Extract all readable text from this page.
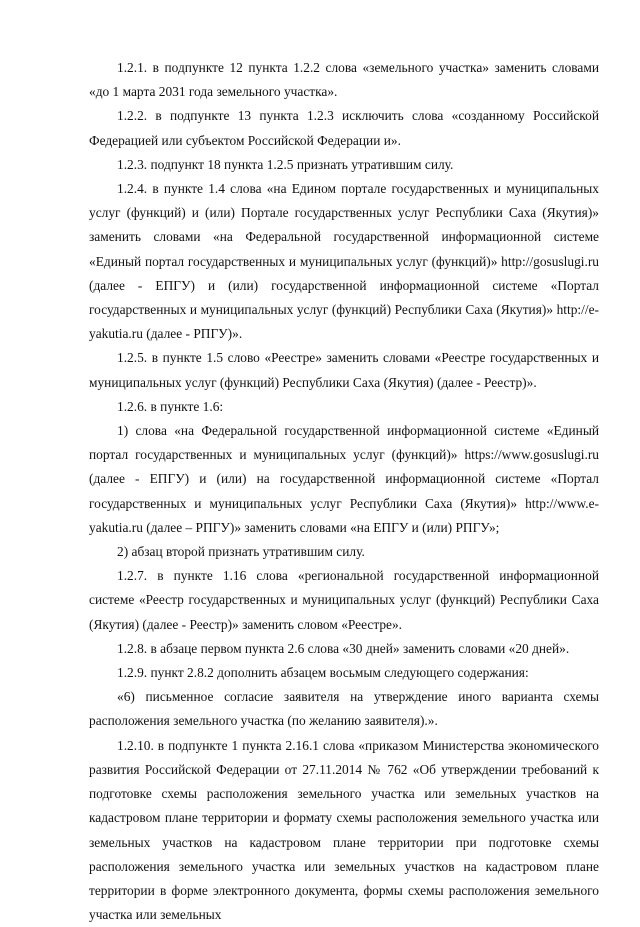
1.2.1. в подпункте 12 пункта 1.2.2 слова «земельного участка» заменить словами «до 1 марта 2031 года земельного участка».

1.2.2. в подпункте 13 пункта 1.2.3 исключить слова «созданному Российской Федерацией или субъектом Российской Федерации и».

1.2.3. подпункт 18 пункта 1.2.5 признать утратившим силу.

1.2.4. в пункте 1.4 слова «на Едином портале государственных и муниципальных услуг (функций) и (или) Портале государственных услуг Республики Саха (Якутия)» заменить словами «на Федеральной государственной информационной системе «Единый портал государственных и муниципальных услуг (функций)» http://gosuslugi.ru (далее - ЕПГУ) и (или) государственной информационной системе «Портал государственных и муниципальных услуг (функций) Республики Саха (Якутия)» http://e-yakutia.ru (далее - РПГУ)».

1.2.5. в пункте 1.5 слово «Реестре» заменить словами «Реестре государственных и муниципальных услуг (функций) Республики Саха (Якутия) (далее - Реестр)».

1.2.6. в пункте 1.6:

1) слова «на Федеральной государственной информационной системе «Единый портал государственных и муниципальных услуг (функций)» https://www.gosuslugi.ru (далее - ЕПГУ) и (или) на государственной информационной системе «Портал государственных и муниципальных услуг Республики Саха (Якутия)» http://www.e-yakutia.ru (далее – РПГУ)» заменить словами «на ЕПГУ и (или) РПГУ»;

2) абзац второй признать утратившим силу.

1.2.7. в пункте 1.16 слова «региональной государственной информационной системе «Реестр государственных и муниципальных услуг (функций) Республики Саха (Якутия) (далее - Реестр)» заменить словом «Реестре».

1.2.8. в абзаце первом пункта 2.6 слова «30 дней» заменить словами «20 дней».

1.2.9. пункт 2.8.2 дополнить абзацем восьмым следующего содержания:

«6) письменное согласие заявителя на утверждение иного варианта схемы расположения земельного участка (по желанию заявителя).».

1.2.10. в подпункте 1 пункта 2.16.1 слова «приказом Министерства экономического развития Российской Федерации от 27.11.2014 № 762 «Об утверждении требований к подготовке схемы расположения земельного участка или земельных участков на кадастровом плане территории и формату схемы расположения земельного участка или земельных участков на кадастровом плане территории при подготовке схемы расположения земельного участка или земельных участков на кадастровом плане территории в форме электронного документа, формы схемы расположения земельного участка или земельных
